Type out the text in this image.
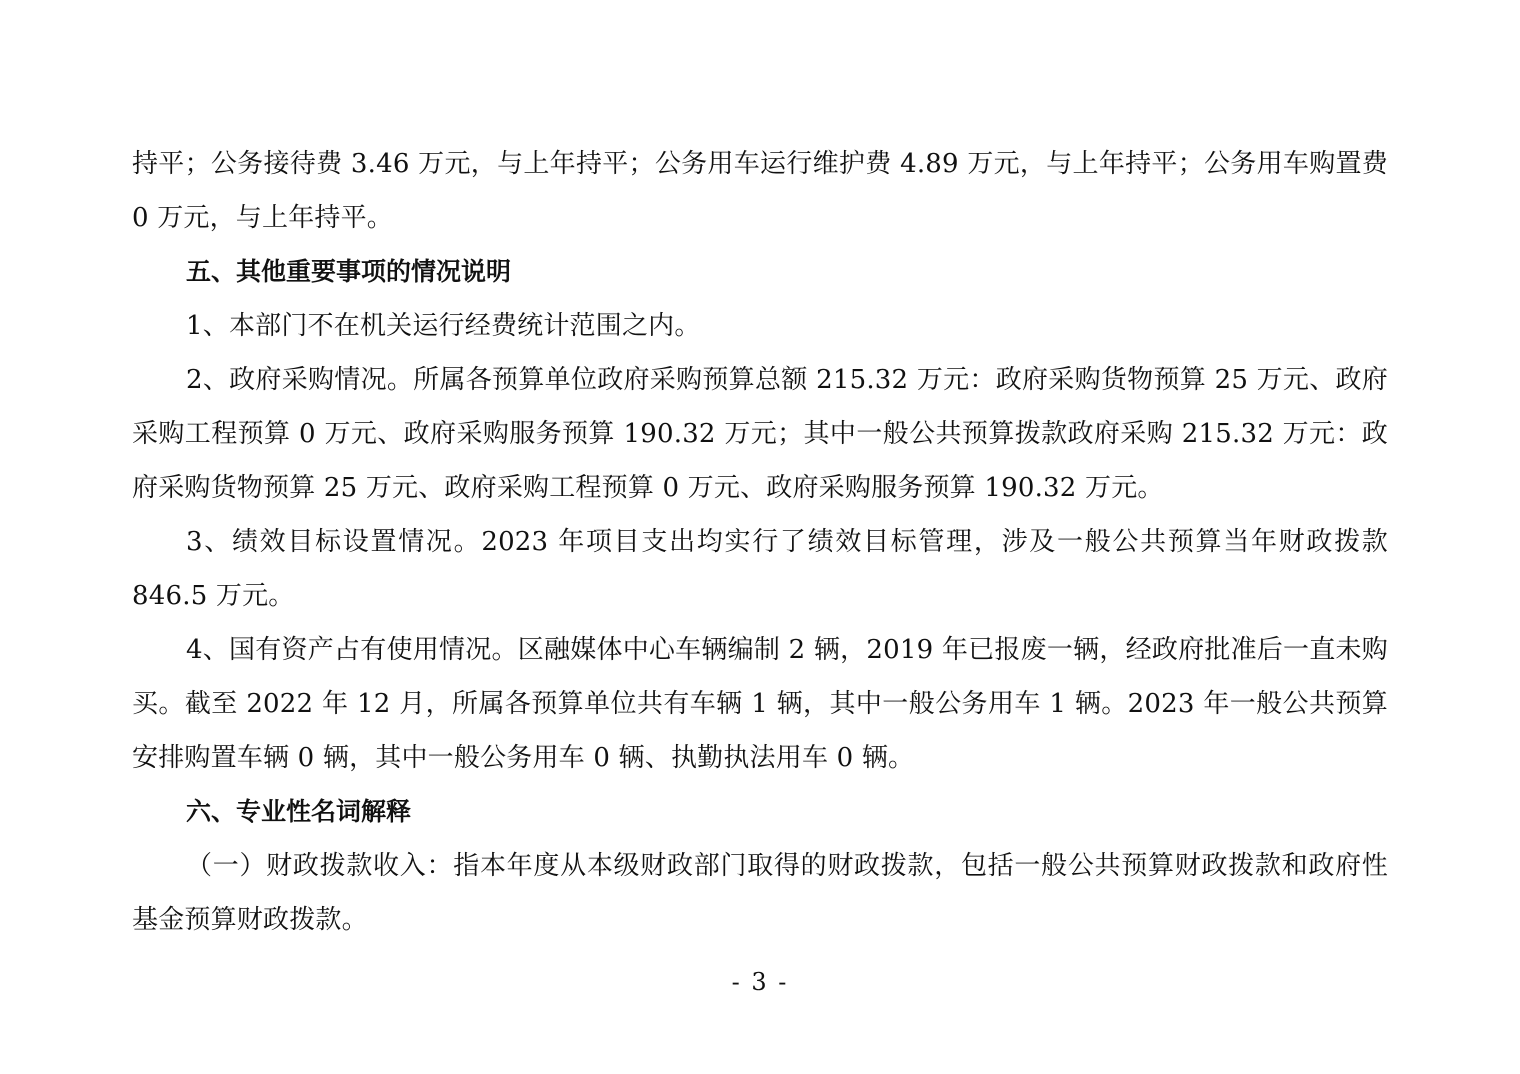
持平；公务接待费 3.46 万元，与上年持平；公务用车运行维护费 4.89 万元，与上年持平；公务用车购置费 0 万元，与上年持平。

五、其他重要事项的情况说明

1、本部门不在机关运行经费统计范围之内。

2、政府采购情况。所属各预算单位政府采购预算总额 215.32 万元：政府采购货物预算 25 万元、政府采购工程预算 0 万元、政府采购服务预算 190.32 万元；其中一般公共预算拨款政府采购 215.32 万元：政府采购货物预算 25 万元、政府采购工程预算 0 万元、政府采购服务预算 190.32 万元。

3、绩效目标设置情况。2023 年项目支出均实行了绩效目标管理，涉及一般公共预算当年财政拨款 846.5 万元。

4、国有资产占有使用情况。区融媒体中心车辆编制 2 辆，2019 年已报废一辆，经政府批准后一直未购买。截至 2022 年 12 月，所属各预算单位共有车辆 1 辆，其中一般公务用车 1 辆。2023 年一般公共预算安排购置车辆 0 辆，其中一般公务用车 0 辆、执勤执法用车 0 辆。

六、专业性名词解释

（一）财政拨款收入：指本年度从本级财政部门取得的财政拨款，包括一般公共预算财政拨款和政府性基金预算财政拨款。

- 3 -
